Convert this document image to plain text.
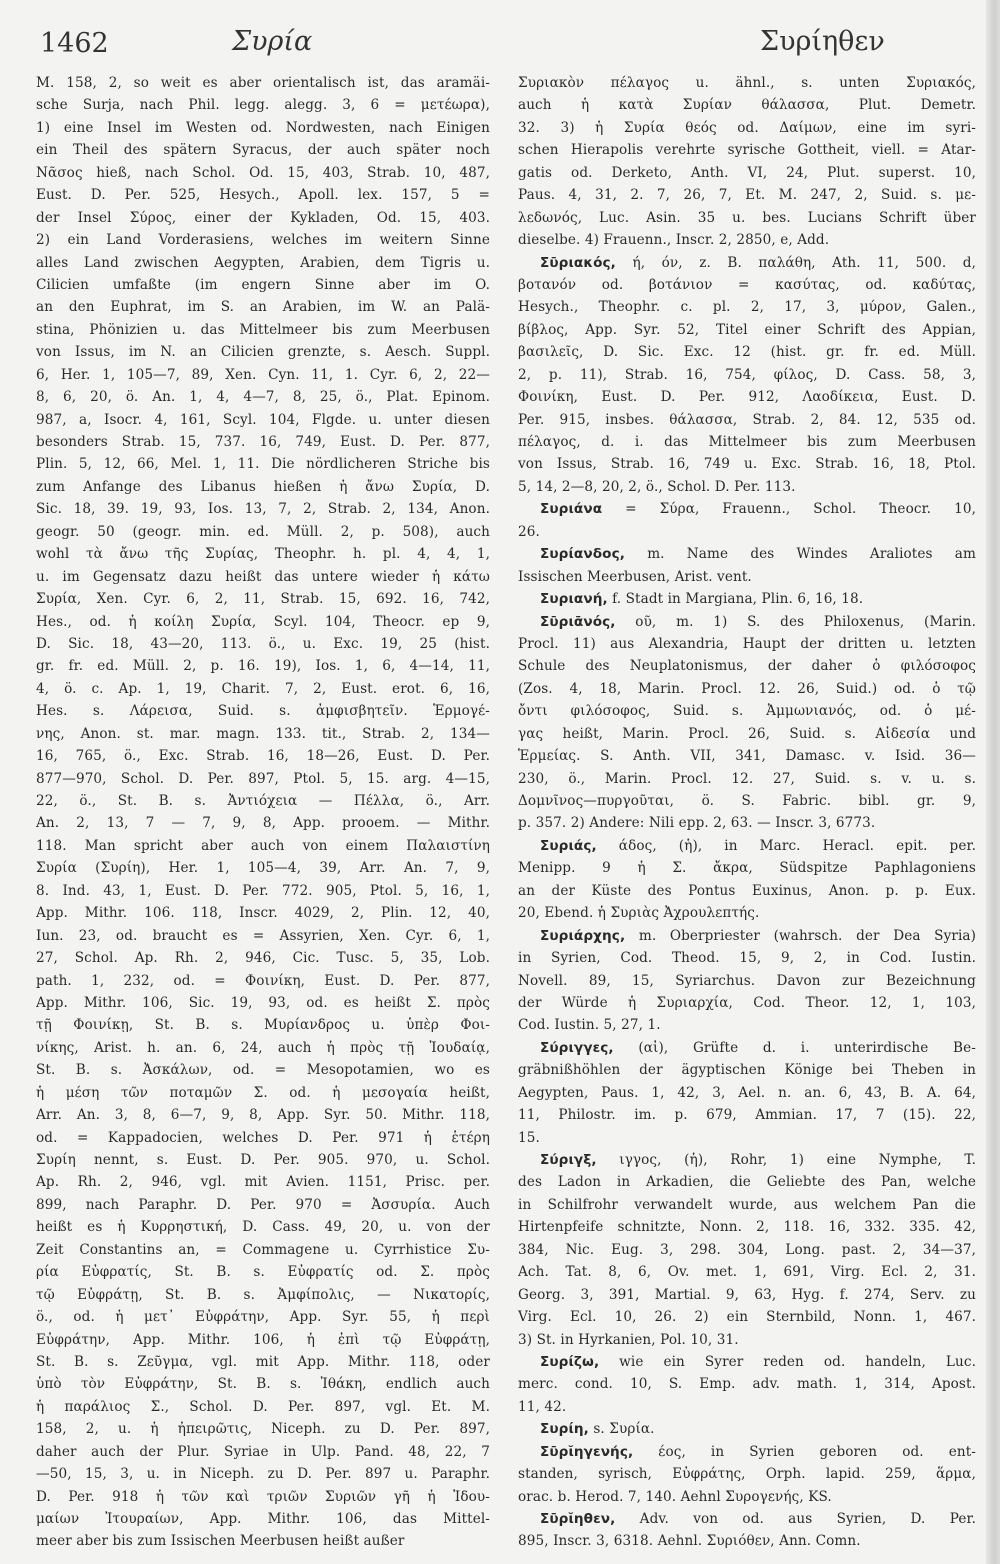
1462	Συρία	Συρίηθεν
M. 158, 2, so weit es aber orientalisch ist, das aramäi-
sche Surja, nach Phil. legg. alegg. 3, 6 = μετέωρα),
1) eine Insel im Westen od. Nordwesten, nach Einigen
ein Theil des spätern Syracus, der auch später noch
Νᾶσος hieß, nach Schol. Od. 15, 403, Strab. 10, 487,
Eust. D. Per. 525, Hesych., Apoll. lex. 157, 5 =
der Insel Σύρος, einer der Kykladen, Od. 15, 403.
2) ein Land Vorderasiens, welches im weitern Sinne
alles Land zwischen Aegypten, Arabien, dem Tigris u.
Cilicien umfaßte (im engern Sinne aber im O.
an den Euphrat, im S. an Arabien, im W. an Palä-
stina, Phönizien u. das Mittelmeer bis zum Meerbusen
von Issus, im N. an Cilicien grenzte, s. Aesch. Suppl.
6, Her. 1, 105—7, 89, Xen. Cyn. 11, 1. Cyr. 6, 2, 22—
8, 6, 20, ö. An. 1, 4, 4—7, 8, 25, ö., Plat. Epinom.
987, a, Isocr. 4, 161, Scyl. 104, Flgde. u. unter diesen
besonders Strab. 15, 737. 16, 749, Eust. D. Per. 877,
Plin. 5, 12, 66, Mel. 1, 11. Die nördlicheren Striche bis
zum Anfange des Libanus hießen ἡ ἄνω Συρία, D.
Sic. 18, 39. 19, 93, Ios. 13, 7, 2, Strab. 2, 134, Anon.
geogr. 50 (geogr. min. ed. Müll. 2, p. 508), auch
wohl τὰ ἄνω τῆς Συρίας, Theophr. h. pl. 4, 4, 1,
u. im Gegensatz dazu heißt das untere wieder ἡ κάτω
Συρία, Xen. Cyr. 6, 2, 11, Strab. 15, 692. 16, 742,
Hes., od. ἡ κοίλη Συρία, Scyl. 104, Theocr. ep 9,
D. Sic. 18, 43—20, 113. ö., u. Exc. 19, 25 (hist.
gr. fr. ed. Müll. 2, p. 16. 19), Ios. 1, 6, 4—14, 11,
4, ö. c. Ap. 1, 19, Charit. 7, 2, Eust. erot. 6, 16,
Hes. s. Λάρεισα, Suid. s. ἀμφισβητεῖν. Ἑρμογέ-
νης, Anon. st. mar. magn. 133. tit., Strab. 2, 134—
16, 765, ö., Exc. Strab. 16, 18—26, Eust. D. Per.
877—970, Schol. D. Per. 897, Ptol. 5, 15. arg. 4—15,
22, ö., St. B. s. Ἀντιόχεια — Πέλλα, ö., Arr.
An. 2, 13, 7 — 7, 9, 8, App. prooem. — Mithr.
118. Man spricht aber auch von einem Παλαιστίνη
Συρία (Συρίη), Her. 1, 105—4, 39, Arr. An. 7, 9,
8. Ind. 43, 1, Eust. D. Per. 772. 905, Ptol. 5, 16, 1,
App. Mithr. 106. 118, Inscr. 4029, 2, Plin. 12, 40,
Iun. 23, od. braucht es = Assyrien, Xen. Cyr. 6, 1,
27, Schol. Ap. Rh. 2, 946, Cic. Tusc. 5, 35, Lob.
path. 1, 232, od. = Φοινίκη, Eust. D. Per. 877,
App. Mithr. 106, Sic. 19, 93, od. es heißt Σ. πρὸς
τῇ Φοινίκῃ, St. B. s. Μυρίανδρος u. ὑπὲρ Φοι-
νίκης, Arist. h. an. 6, 24, auch ἡ πρὸς τῇ Ἰουδαίᾳ,
St. B. s. Ἀσκάλων, od. = Mesopotamien, wo es
ἡ μέση τῶν ποταμῶν Σ. od. ἡ μεσογαία heißt,
Arr. An. 3, 8, 6—7, 9, 8, App. Syr. 50. Mithr. 118,
od. = Kappadocien, welches D. Per. 971 ἡ ἑτέρη
Συρίη nennt, s. Eust. D. Per. 905. 970, u. Schol.
Ap. Rh. 2, 946, vgl. mit Avien. 1151, Prisc. per.
899, nach Paraphr. D. Per. 970 = Ἀσσυρία. Auch
heißt es ἡ Κυρρηστική, D. Cass. 49, 20, u. von der
Zeit Constantins an, = Commagene u. Cyrrhistice Συ-
ρία Εὐφρατίς, St. B. s. Εὐφρατίς od. Σ. πρὸς
τῷ Εὐφράτῃ, St. B. s. Ἀμφίπολις, — Νικατορίς,
ö., od. ἡ μετ᾽ Εὐφράτην, App. Syr. 55, ἡ περὶ
Εὐφράτην, App. Mithr. 106, ἡ ἐπὶ τῷ Εὐφράτῃ,
St. B. s. Ζεῦγμα, vgl. mit App. Mithr. 118, oder
ὑπὸ τὸν Εὐφράτην, St. B. s. Ἰθάκη, endlich auch
ἡ παράλιος Σ., Schol. D. Per. 897, vgl. Et. M.
158, 2, u. ἡ ἠπειρῶτις, Niceph. zu D. Per. 897,
daher auch der Plur. Syriae in Ulp. Pand. 48, 22, 7
—50, 15, 3, u. in Niceph. zu D. Per. 897 u. Paraphr.
D. Per. 918 ἡ τῶν καὶ τριῶν Συριῶν γῆ ἡ Ἰδου-
μαίων Ἰτουραίων, App. Mithr. 106, das Mittel-
meer aber bis zum Issischen Meerbusen heißt außer
Συριακὸν πέλαγος u. ähnl., s. unten Συριακός,
auch ἡ κατὰ Συρίαν θάλασσα, Plut. Demetr.
32. 3) ἡ Συρία θεός od. Δαίμων, eine im syri-
schen Hierapolis verehrte syrische Gottheit, viell. = Atar-
gatis od. Derketo, Anth. VI, 24, Plut. superst. 10,
Paus. 4, 31, 2. 7, 26, 7, Et. M. 247, 2, Suid. s. με-
λεδωνός, Luc. Asin. 35 u. bes. Lucians Schrift über
dieselbe. 4) Frauenn., Inscr. 2, 2850, e, Add.
Σῡριακός, ή, όν, z. B. παλάθη, Ath. 11, 500. d,
βοτανόν od. βοτάνιον = κασύτας, od. καδύτας,
Hesych., Theophr. c. pl. 2, 17, 3, μύρον, Galen.,
βίβλος, App. Syr. 52, Titel einer Schrift des Appian,
βασιλεῖς, D. Sic. Exc. 12 (hist. gr. fr. ed. Müll.
2, p. 11), Strab. 16, 754, φίλος, D. Cass. 58, 3,
Φοινίκη, Eust. D. Per. 912, Λαοδίκεια, Eust. D.
Per. 915, insbes. θάλασσα, Strab. 2, 84. 12, 535 od.
πέλαγος, d. i. das Mittelmeer bis zum Meerbusen
von Issus, Strab. 16, 749 u. Exc. Strab. 16, 18, Ptol.
5, 14, 2—8, 20, 2, ö., Schol. D. Per. 113.
Συριάνα = Σύρα, Frauenn., Schol. Theocr. 10,
26.
Συρίανδος, m. Name des Windes Araliotes am
Issischen Meerbusen, Arist. vent.
Συριανή, f. Stadt in Margiana, Plin. 6, 16, 18.
Σῡριᾱνός, οῦ, m. 1) S. des Philoxenus, (Marin.
Procl. 11) aus Alexandria, Haupt der dritten u. letzten
Schule des Neuplatonismus, der daher ὁ φιλόσοφος
(Zos. 4, 18, Marin. Procl. 12. 26, Suid.) od. ὁ τῷ
ὄντι φιλόσοφος, Suid. s. Ἀμμωνιανός, od. ὁ μέ-
γας heißt, Marin. Procl. 26, Suid. s. Αἰδεσία und
Ἑρμείας. S. Anth. VII, 341, Damasc. v. Isid. 36—
230, ö., Marin. Procl. 12. 27, Suid. s. v. u. s.
Δομνῖνος—πυργοῦται, ö. S. Fabric. bibl. gr. 9,
p. 357. 2) Andere: Nili epp. 2, 63. — Inscr. 3, 6773.
Συριάς, άδος, (ἡ), in Marc. Heracl. epit. per.
Menipp. 9 ἡ Σ. ἄκρα, Südspitze Paphlagoniens
an der Küste des Pontus Euxinus, Anon. p. p. Eux.
20, Ebend. ἡ Συριὰς Ἀχρουλεπτής.
Συριάρχης, m. Oberpriester (wahrsch. der Dea Syria)
in Syrien, Cod. Theod. 15, 9, 2, in Cod. Iustin.
Novell. 89, 15, Syriarchus. Davon zur Bezeichnung
der Würde ἡ Συριαρχία, Cod. Theor. 12, 1, 103,
Cod. Iustin. 5, 27, 1.
Σύριγγες, (αἱ), Grüfte d. i. unterirdische Be-
gräbnißhöhlen der ägyptischen Könige bei Theben in
Aegypten, Paus. 1, 42, 3, Ael. n. an. 6, 43, B. A. 64,
11, Philostr. im. p. 679, Ammian. 17, 7 (15). 22,
15.
Σύριγξ, ιγγος, (ἡ), Rohr, 1) eine Nymphe, T.
des Ladon in Arkadien, die Geliebte des Pan, welche
in Schilfrohr verwandelt wurde, aus welchem Pan die
Hirtenpfeife schnitzte, Nonn. 2, 118. 16, 332. 335. 42,
384, Nic. Eug. 3, 298. 304, Long. past. 2, 34—37,
Ach. Tat. 8, 6, Ov. met. 1, 691, Virg. Ecl. 2, 31.
Georg. 3, 391, Martial. 9, 63, Hyg. f. 274, Serv. zu
Virg. Ecl. 10, 26. 2) ein Sternbild, Nonn. 1, 467.
3) St. in Hyrkanien, Pol. 10, 31.
Συρίζω, wie ein Syrer reden od. handeln, Luc.
merc. cond. 10, S. Emp. adv. math. 1, 314, Apost.
11, 42.
Συρίη, s. Συρία.
Σῡρῐηγενής, έος, in Syrien geboren od. ent-
standen, syrisch, Εὐφράτης, Orph. lapid. 259, ἅρμα,
orac. b. Herod. 7, 140. Aehnl Συρογενής, KS.
Σῡρῐηθεν, Adv. von od. aus Syrien, D. Per.
895, Inscr. 3, 6318. Aehnl. Συριόθεν, Ann. Comn.
